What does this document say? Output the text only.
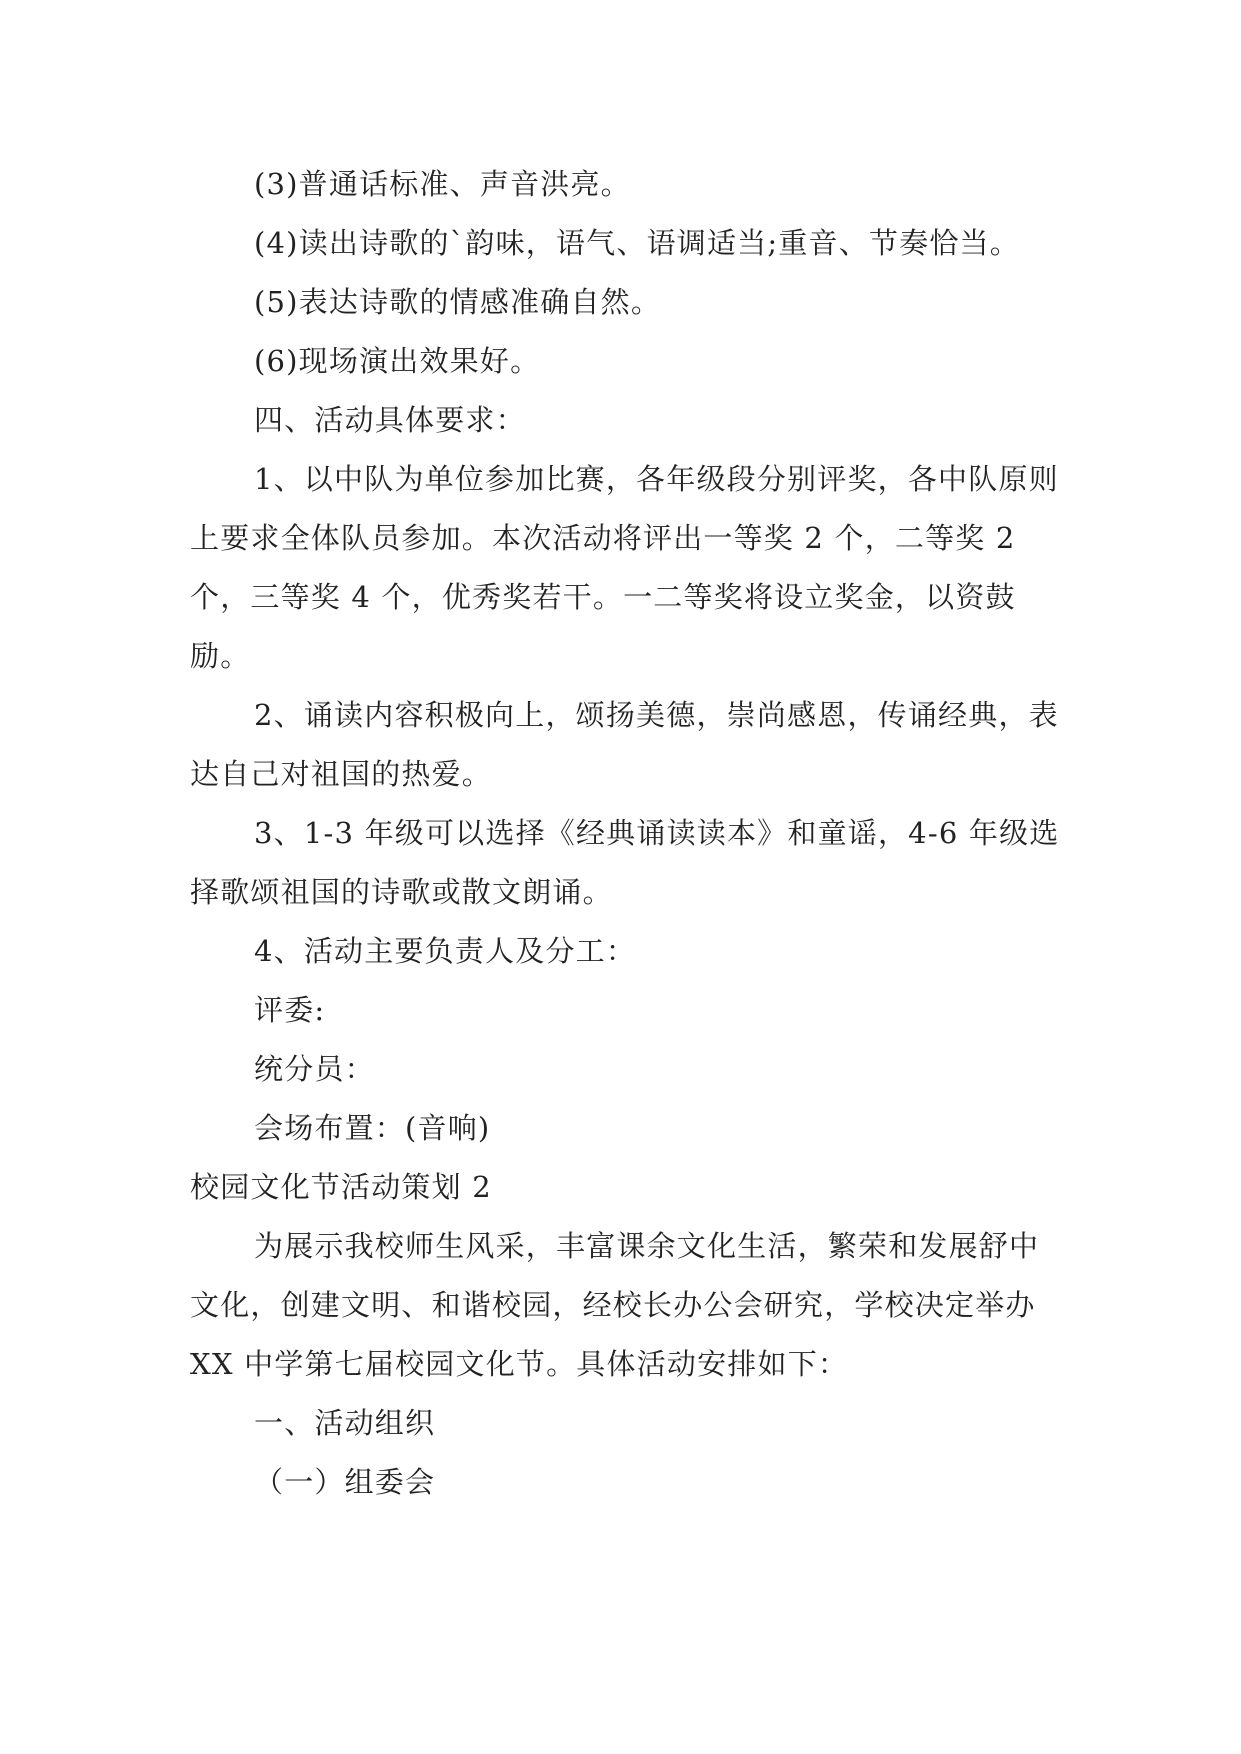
(3)普通话标准、声音洪亮。

(4)读出诗歌的`韵味，语气、语调适当;重音、节奏恰当。

(5)表达诗歌的情感准确自然。

(6)现场演出效果好。

四、活动具体要求：

1、以中队为单位参加比赛，各年级段分别评奖，各中队原则上要求全体队员参加。本次活动将评出一等奖 2 个，二等奖 2 个，三等奖 4 个，优秀奖若干。一二等奖将设立奖金，以资鼓励。

2、诵读内容积极向上，颂扬美德，崇尚感恩，传诵经典，表达自己对祖国的热爱。

3、1-3 年级可以选择《经典诵读读本》和童谣，4-6 年级选择歌颂祖国的诗歌或散文朗诵。

4、活动主要负责人及分工：

评委:

统分员：

会场布置：(音响)

校园文化节活动策划 2

为展示我校师生风采，丰富课余文化生活，繁荣和发展舒中文化，创建文明、和谐校园，经校长办公会研究，学校决定举办 XX 中学第七届校园文化节。具体活动安排如下：

一、活动组织

（一）组委会
